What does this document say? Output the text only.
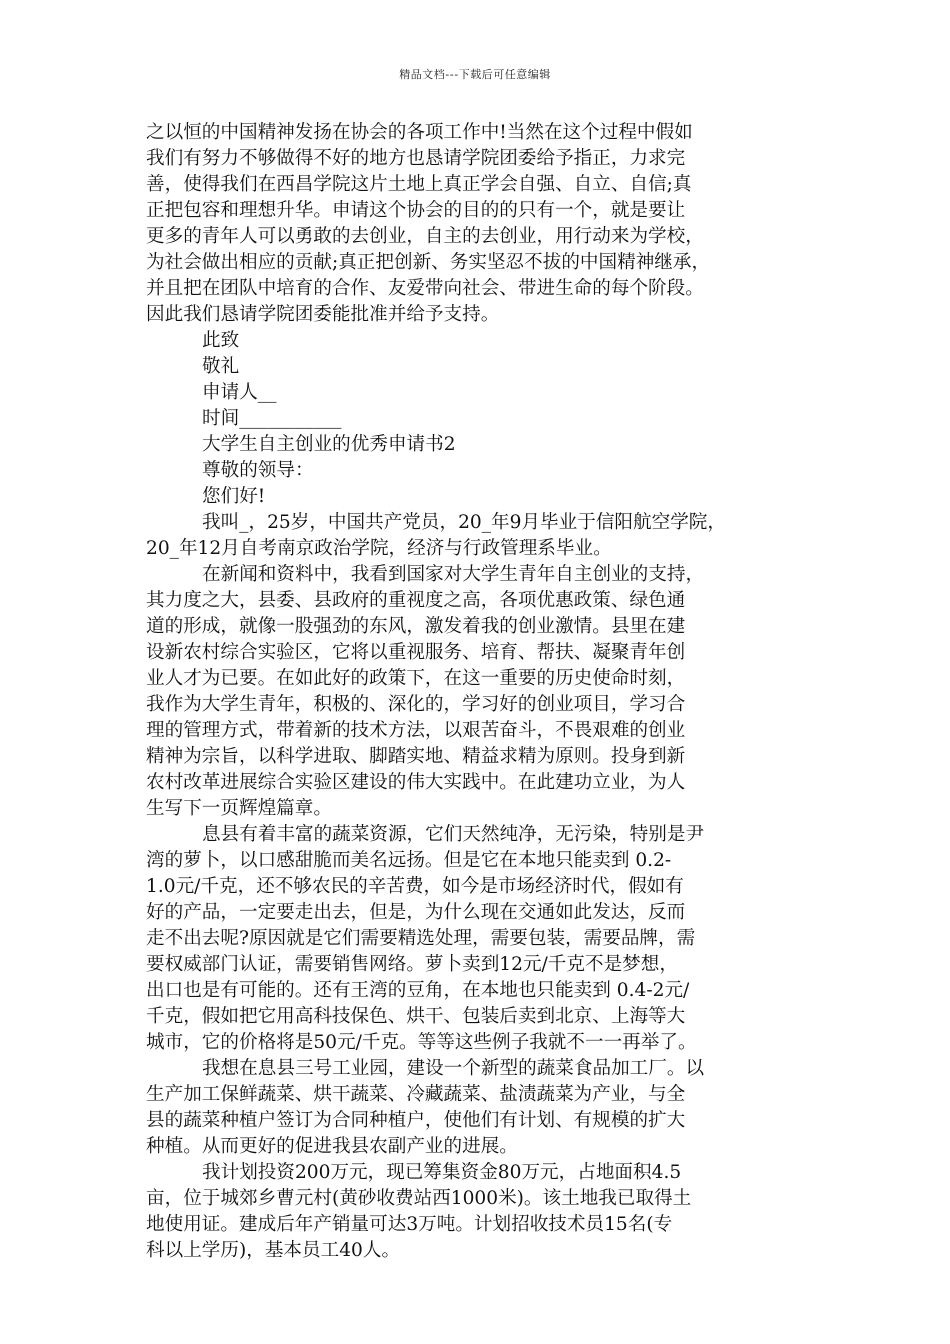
精品文档---下载后可任意编辑
之以恒的中国精神发扬在协会的各项工作中!当然在这个过程中假如
我们有努力不够做得不好的地方也恳请学院团委给予指正，力求完
善，使得我们在西昌学院这片土地上真正学会自强、自立、自信;真
正把包容和理想升华。申请这个协会的目的的只有一个，就是要让
更多的青年人可以勇敢的去创业，自主的去创业，用行动来为学校，
为社会做出相应的贡献;真正把创新、务实坚忍不拔的中国精神继承，
并且把在团队中培育的合作、友爱带向社会、带进生命的每个阶段。
因此我们恳请学院团委能批准并给予支持。
此致
敬礼
申请人__
时间___________
大学生自主创业的优秀申请书2
尊敬的领导：
您们好!
我叫_，25岁，中国共产党员，20_年9月毕业于信阳航空学院，
20_年12月自考南京政治学院，经济与行政管理系毕业。
在新闻和资料中，我看到国家对大学生青年自主创业的支持，
其力度之大，县委、县政府的重视度之高，各项优惠政策、绿色通
道的形成，就像一股强劲的东风，激发着我的创业激情。县里在建
设新农村综合实验区，它将以重视服务、培育、帮扶、凝聚青年创
业人才为已要。在如此好的政策下，在这一重要的历史使命时刻，
我作为大学生青年，积极的、深化的，学习好的创业项目，学习合
理的管理方式，带着新的技术方法，以艰苦奋斗，不畏艰难的创业
精神为宗旨，以科学进取、脚踏实地、精益求精为原则。投身到新
农村改革进展综合实验区建设的伟大实践中。在此建功立业，为人
生写下一页辉煌篇章。
息县有着丰富的蔬菜资源，它们天然纯净，无污染，特别是尹
湾的萝卜，以口感甜脆而美名远扬。但是它在本地只能卖到 0.2-
1.0元/千克，还不够农民的辛苦费，如今是市场经济时代，假如有
好的产品，一定要走出去，但是，为什么现在交通如此发达，反而
走不出去呢?原因就是它们需要精选处理，需要包装，需要品牌，需
要权威部门认证，需要销售网络。萝卜卖到12元/千克不是梦想，
出口也是有可能的。还有王湾的豆角，在本地也只能卖到 0.4-2元/
千克，假如把它用高科技保色、烘干、包装后卖到北京、上海等大
城市，它的价格将是50元/千克。等等这些例子我就不一一再举了。
我想在息县三号工业园，建设一个新型的蔬菜食品加工厂。以
生产加工保鲜蔬菜、烘干蔬菜、冷藏蔬菜、盐渍蔬菜为产业，与全
县的蔬菜种植户签订为合同种植户，使他们有计划、有规模的扩大
种植。从而更好的促进我县农副产业的进展。
我计划投资200万元，现已筹集资金80万元，占地面积4.5
亩，位于城郊乡曹元村(黄砂收费站西1000米)。该土地我已取得土
地使用证。建成后年产销量可达3万吨。计划招收技术员15名(专
科以上学历)，基本员工40人。
